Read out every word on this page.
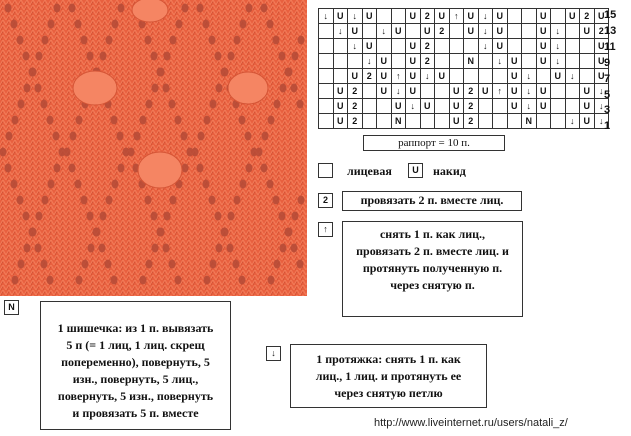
↓	U	↓	U			U	2	U	↑	U	↓	U			U		U	2	U
	↓	U		↓	U		U	2		U	↓	U			U	↓		U	2
		↓	U			U	2				↓	U			U	↓			U
			↓	U		U	2			N		↓	U		U	↓			U
		U	2	U	↑	U	↓	U					U	↓		U	↓		U
	U	2		U	↓	U			U	2	U	↑	U	↓	U			U	↓
	U	2			U	↓	U		U	2			U	↓	U			U	↓
	U	2			N				U	2				N			↓	U	↓
15
13
11
9
7
5
3
1
раппорт = 10 п.
лицевая	U	накид
2	провязать 2 п. вместе лиц.
↑	снять 1 п. как лиц.,
провязать 2 п. вместе лиц. и
протянуть полученную п.
через снятую п.
N
1 шишечка: из 1 п. вывязать
5 п (= 1 лиц, 1 лиц. скрещ
попеременно), повернуть, 5
изн., повернуть, 5 лиц.,
повернуть, 5 изн., повернуть
и провязать 5 п. вместе
↓	1 протяжка: снять 1 п. как
лиц., 1 лиц. и протянуть ее
через снятую петлю
http://www.liveinternet.ru/users/natali_z/
